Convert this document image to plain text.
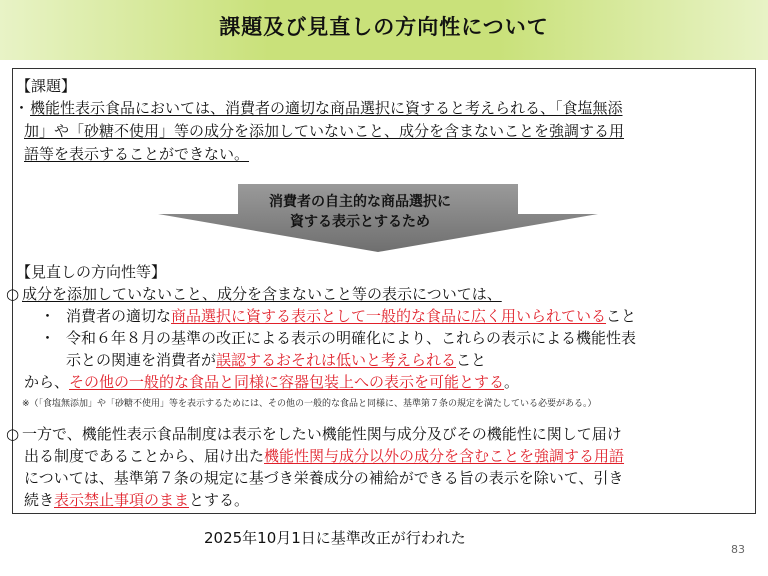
課題及び見直しの方向性について
【課題】
・ 機能性表示食品においては、消費者の適切な商品選択に資すると考えられる、「食塩無添
加」や「砂糖不使用」等の成分を添加していないこと、成分を含まないことを強調する用
語等を表示することができない。
消費者の自主的な商品選択に
資する表示とするため
【見直しの方向性等】
○ 成分を添加していないこと、成分を含まないこと等の表示については、
・ 消費者の適切な商品選択に資する表示として一般的な食品に広く用いられていること
・ 令和６年８月の基準の改正による表示の明確化により、これらの表示による機能性表
示との関連を消費者が誤認するおそれは低いと考えられること
から、その他の一般的な食品と同様に容器包装上への表示を可能とする。
※（「食塩無添加」や「砂糖不使用」等を表示するためには、その他の一般的な食品と同様に、基準第７条の規定を満たしている必要がある。）
○ 一方で、機能性表示食品制度は表示をしたい機能性関与成分及びその機能性に関して届け
出る制度であることから、届け出た機能性関与成分以外の成分を含むことを強調する用語
については、基準第７条の規定に基づき栄養成分の補給ができる旨の表示を除いて、引き
続き表示禁止事項のままとする。
2025年10月1日に基準改正が行われた
83
